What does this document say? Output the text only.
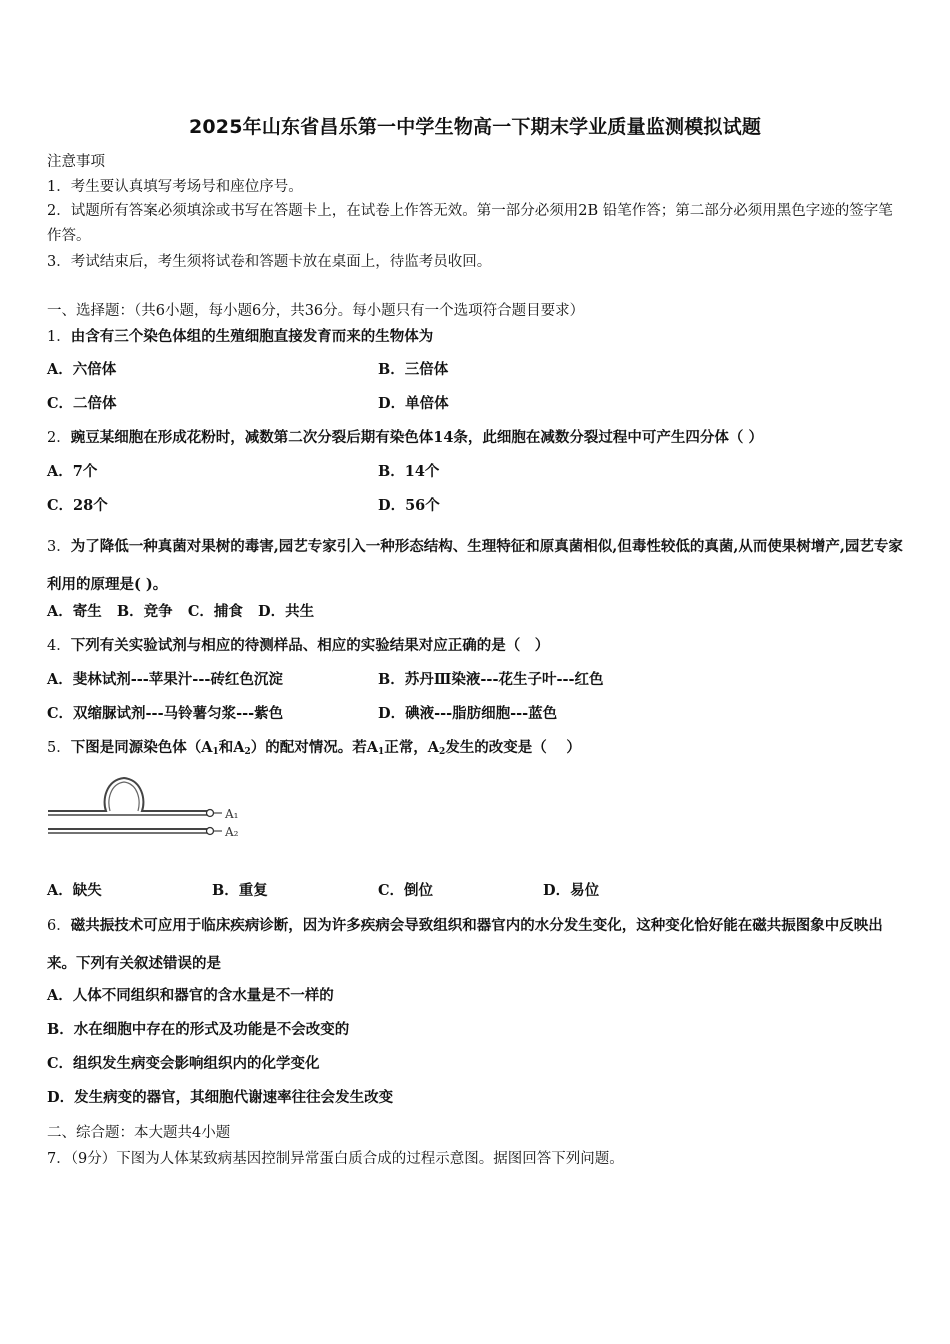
2025年山东省昌乐第一中学生物高一下期末学业质量监测模拟试题
注意事项
1．考生要认真填写考场号和座位序号。
2．试题所有答案必须填涂或书写在答题卡上，在试卷上作答无效。第一部分必须用2B 铅笔作答；第二部分必须用黑色字迹的签字笔作答。
3．考试结束后，考生须将试卷和答题卡放在桌面上，待监考员收回。
一、选择题：（共6小题，每小题6分，共36分。每小题只有一个选项符合题目要求）
1．由含有三个染色体组的生殖细胞直接发育而来的生物体为
A．六倍体	B．三倍体
C．二倍体	D．单倍体
2．豌豆某细胞在形成花粉时，减数第二次分裂后期有染色体14条，此细胞在减数分裂过程中可产生四分体（ ）
A．7个	B．14个
C．28个	D．56个
3．为了降低一种真菌对果树的毒害,园艺专家引入一种形态结构、生理特征和原真菌相似,但毒性较低的真菌,从而使果树增产,园艺专家利用的原理是( )。
A．寄生 B．竞争 C．捕食 D．共生
4．下列有关实验试剂与相应的待测样品、相应的实验结果对应正确的是（　）
A．斐林试剂---苹果汁---砖红色沉淀	B．苏丹Ⅲ染液---花生子叶---红色
C．双缩脲试剂---马铃薯匀浆---紫色	D．碘液---脂肪细胞---蓝色
5．下图是同源染色体（$A_1$和$A_2$）的配对情况。若$A_1$正常，$A_2$发生的改变是（　 ）
A₁
A₂
A．缺失	B．重复	C．倒位	D．易位
6．磁共振技术可应用于临床疾病诊断，因为许多疾病会导致组织和器官内的水分发生变化，这种变化恰好能在磁共振图象中反映出来。下列有关叙述错误的是
A．人体不同组织和器官的含水量是不一样的
B．水在细胞中存在的形式及功能是不会改变的
C．组织发生病变会影响组织内的化学变化
D．发生病变的器官，其细胞代谢速率往往会发生改变
二、综合题：本大题共4小题
7．（9分）下图为人体某致病基因控制异常蛋白质合成的过程示意图。据图回答下列问题。
